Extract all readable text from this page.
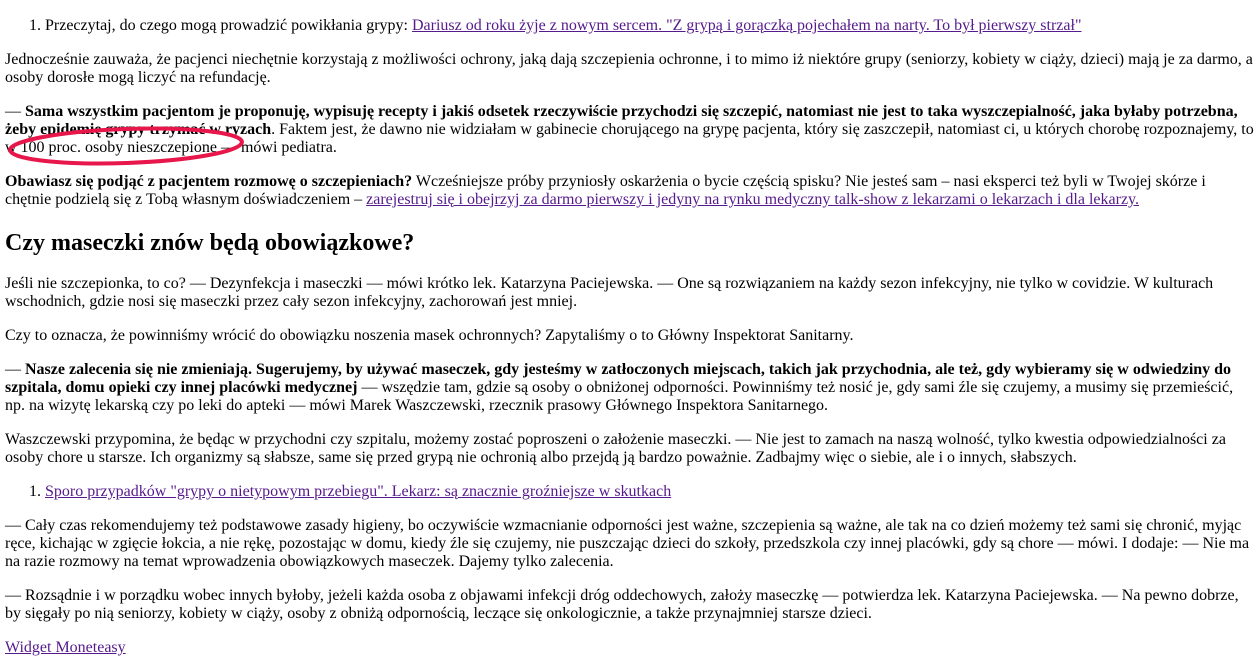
1. Przeczytaj, do czego mogą prowadzić powikłania grypy: Dariusz od roku żyje z nowym sercem. "Z grypą i gorączką pojechałem na narty. To był pierwszy strzał"

Jednocześnie zauważa, że pacjenci niechętnie korzystają z możliwości ochrony, jaką dają szczepienia ochronne, i to mimo iż niektóre grupy (seniorzy, kobiety w ciąży, dzieci) mają je za darmo, a osoby dorosłe mogą liczyć na refundację.

— Sama wszystkim pacjentom je proponuję, wypisuję recepty i jakiś odsetek rzeczywiście przychodzi się szczepić, natomiast nie jest to taka wyszczepialność, jaka byłaby potrzebna, żeby epidemię grypy trzymać w ryzach. Faktem jest, że dawno nie widziałam w gabinecie chorującego na grypę pacjenta, który się zaszczepił, natomiast ci, u których chorobę rozpoznajemy, to w 100 proc. osoby nieszczepione — mówi pediatra.

Obawiasz się podjąć z pacjentem rozmowę o szczepieniach? Wcześniejsze próby przyniosły oskarżenia o bycie częścią spisku? Nie jesteś sam – nasi eksperci też byli w Twojej skórze i chętnie podzielą się z Tobą własnym doświadczeniem – zarejestruj się i obejrzyj za darmo pierwszy i jedyny na rynku medyczny talk-show z lekarzami o lekarzach i dla lekarzy.

Czy maseczki znów będą obowiązkowe?

Jeśli nie szczepionka, to co? — Dezynfekcja i maseczki — mówi krótko lek. Katarzyna Paciejewska. — One są rozwiązaniem na każdy sezon infekcyjny, nie tylko w covidzie. W kulturach wschodnich, gdzie nosi się maseczki przez cały sezon infekcyjny, zachorowań jest mniej.

Czy to oznacza, że powinniśmy wrócić do obowiązku noszenia masek ochronnych? Zapytaliśmy o to Główny Inspektorat Sanitarny.

— Nasze zalecenia się nie zmieniają. Sugerujemy, by używać maseczek, gdy jesteśmy w zatłoczonych miejscach, takich jak przychodnia, ale też, gdy wybieramy się w odwiedziny do szpitala, domu opieki czy innej placówki medycznej — wszędzie tam, gdzie są osoby o obniżonej odporności. Powinniśmy też nosić je, gdy sami źle się czujemy, a musimy się przemieścić, np. na wizytę lekarską czy po leki do apteki — mówi Marek Waszczewski, rzecznik prasowy Głównego Inspektora Sanitarnego.

Waszczewski przypomina, że będąc w przychodni czy szpitalu, możemy zostać poproszeni o założenie maseczki. — Nie jest to zamach na naszą wolność, tylko kwestia odpowiedzialności za osoby chore u starsze. Ich organizmy są słabsze, same się przed grypą nie ochronią albo przejdą ją bardzo poważnie. Zadbajmy więc o siebie, ale i o innych, słabszych.

1. Sporo przypadków "grypy o nietypowym przebiegu". Lekarz: są znacznie groźniejsze w skutkach

— Cały czas rekomendujemy też podstawowe zasady higieny, bo oczywiście wzmacnianie odporności jest ważne, szczepienia są ważne, ale tak na co dzień możemy też sami się chronić, myjąc ręce, kichając w zgięcie łokcia, a nie rękę, pozostając w domu, kiedy źle się czujemy, nie puszczając dzieci do szkoły, przedszkola czy innej placówki, gdy są chore — mówi. I dodaje: — Nie ma na razie rozmowy na temat wprowadzenia obowiązkowych maseczek. Dajemy tylko zalecenia.

— Rozsądnie i w porządku wobec innych byłoby, jeżeli każda osoba z objawami infekcji dróg oddechowych, założy maseczkę — potwierdza lek. Katarzyna Paciejewska. — Na pewno dobrze, by sięgały po nią seniorzy, kobiety w ciąży, osoby z obniżą odpornością, leczące się onkologicznie, a także przynajmniej starsze dzieci.

Widget Moneteasy
